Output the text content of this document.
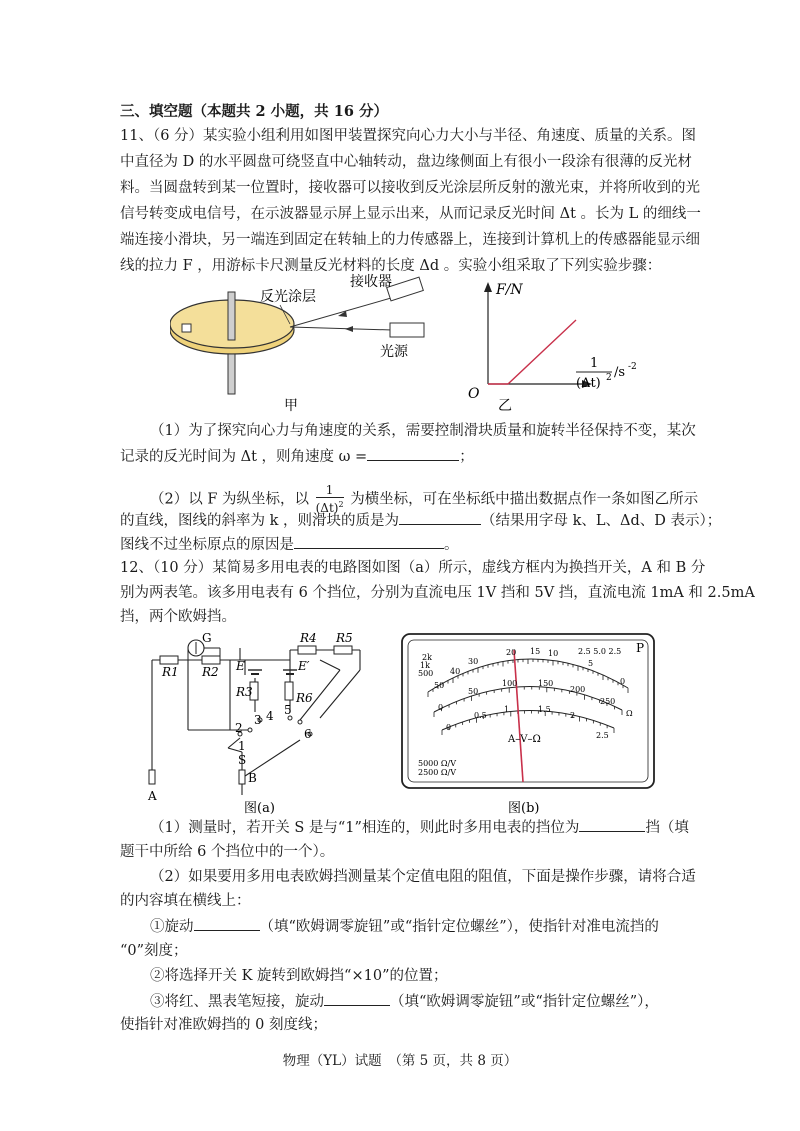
三、填空题（本题共 2 小题，共 16 分）
11、（6 分）某实验小组利用如图甲装置探究向心力大小与半径、角速度、质量的关系。图
中直径为 D 的水平圆盘可绕竖直中心轴转动，盘边缘侧面上有很小一段涂有很薄的反光材
料。当圆盘转到某一位置时，接收器可以接收到反光涂层所反射的激光束，并将所收到的光
信号转变成电信号，在示波器显示屏上显示出来，从而记录反光时间 Δt 。长为 L 的细线一
端连接小滑块，另一端连到固定在转轴上的力传感器上，连接到计算机上的传感器能显示细
线的拉力 F ，用游标卡尺测量反光材料的长度 Δd 。实验小组采取了下列实验步骤：
反光涂层
接收器
光源
甲
F/N
O
1
(Δt) 2 /s -2
乙
（1）为了探究向心力与角速度的关系，需要控制滑块质量和旋转半径保持不变，某次
记录的反光时间为 Δt ，则角速度 ω =	；
（2）以 F 为纵坐标，以 $\frac{1}{(\Delta t)^2}$ 为横坐标，可在坐标纸中描出数据点作一条如图乙所示
的直线，图线的斜率为 k ，则滑块的质是为	（结果用字母 k、L、Δd、D 表示）；
图线不过坐标原点的原因是	。
12、（10 分）某简易多用电表的电路图如图（a）所示，虚线方框内为换挡开关，A 和 B 分
别为两表笔。该多用电表有 6 个挡位，分别为直流电压 1V 挡和 5V 挡，直流电流 1mA 和 2.5mA
挡，两个欧姆挡。
G
R1 R2
R4 R5
E	E′
R3	R6
1
2
3 4 5
6
S
A
B
图(a)
50
40
30
20 15 10
5
0
500
1k
2k
0
50
100	150
200
250
0
0.5
1	1.5
2
2.5
2.5 5.0 2.5
Ω
5000 Ω/V
2500 Ω/V
P
A–V–Ω
图(b)
（1）测量时，若开关 S 是与“1”相连的，则此时多用电表的挡位为	挡（填
题干中所给 6 个挡位中的一个）。
（2）如果要用多用电表欧姆挡测量某个定值电阻的阻值，下面是操作步骤，请将合适
的内容填在横线上：
①旋动	（填“欧姆调零旋钮”或“指针定位螺丝”），使指针对准电流挡的
“0”刻度；
②将选择开关 K 旋转到欧姆挡“×10”的位置；
③将红、黑表笔短接，旋动	（填“欧姆调零旋钮”或“指针定位螺丝”），
使指针对准欧姆挡的 0 刻度线；
物理（YL）试题　（第 5 页，共 8 页）
